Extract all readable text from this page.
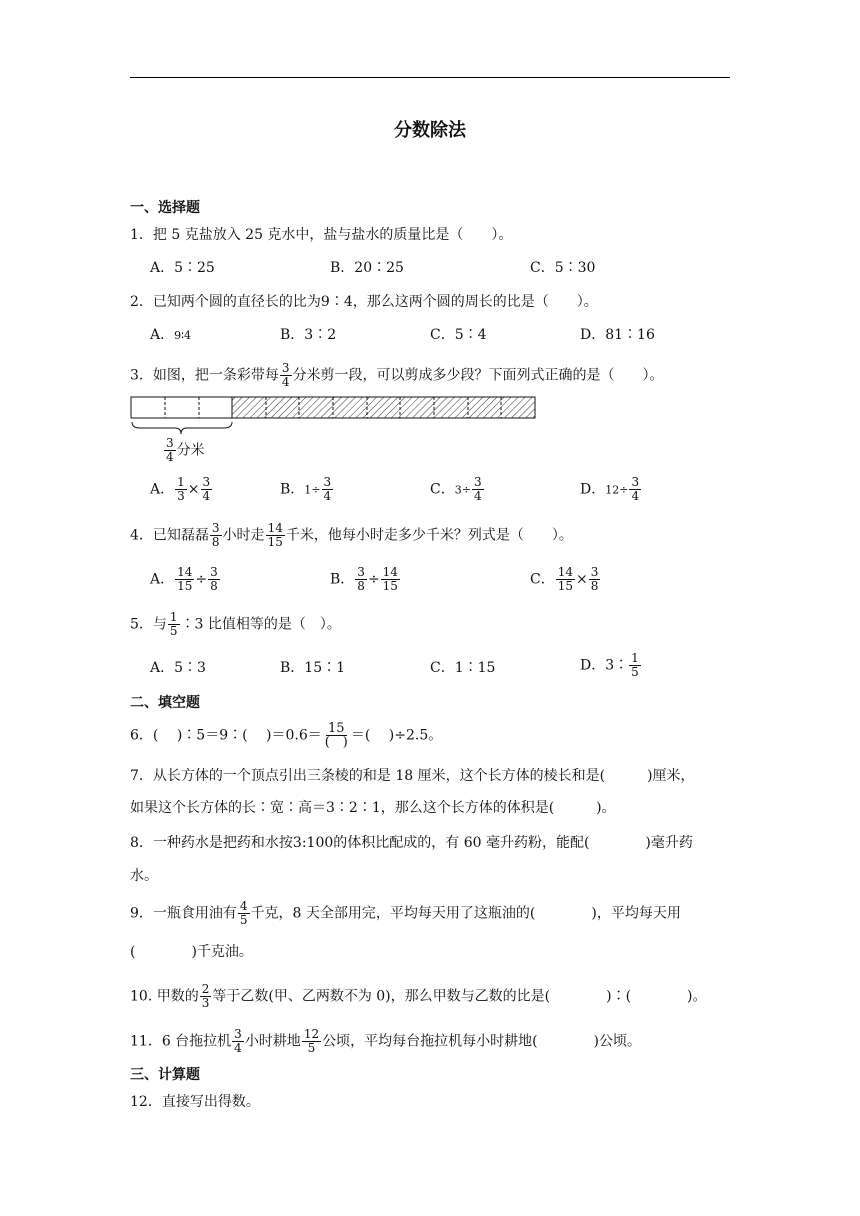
分数除法
一、选择题
1．把 5 克盐放入 25 克水中，盐与盐水的质量比是（　　）。
A．5∶25	B．20∶25	C．5∶30
2．已知两个圆的直径长的比为9∶4，那么这两个圆的周长的比是（　　）。
A．9∶4	B．3∶2	C．5∶4	D．81∶16
3．如图，把一条彩带每 $\frac{3}{4}$ 分米剪一段，可以剪成多少段？下面列式正确的是（　　）。
$\frac{3}{4}$ 分米
A． $\frac{1}{3} \times \frac{3}{4}$	B．$1\div \frac{3}{4}$	C．$3\div \frac{3}{4}$	D．$12\div \frac{3}{4}$
4．已知磊磊 $\frac{3}{8}$ 小时走 $\frac{14}{15}$ 千米，他每小时走多少千米？列式是（　　）。
A． $\frac{14}{15} \div \frac{3}{8}$	B． $\frac{3}{8} \div \frac{14}{15}$	C． $\frac{14}{15} \times \frac{3}{8}$
5．与 $\frac{1}{5}$ ∶3 比值相等的是（　）。
A．5∶3	B．15∶1	C．1∶15	D．3∶ $\frac{1}{5}$
二、填空题
6．(　 )∶5＝9∶(　 )$=0.6= \frac{15}{( )}$ ＝(　 )÷2.5。
7．从长方体的一个顶点引出三条棱的和是 18 厘米，这个长方体的棱长和是(　　　)厘米，
如果这个长方体的长∶宽∶高＝3∶2∶1，那么这个长方体的体积是(　　　)。
8．一种药水是把药和水按3:100的体积比配成的，有 60 毫升药粉，能配(　　　　)毫升药
水。
9．一瓶食用油有 $\frac{4}{5}$ 千克，8 天全部用完，平均每天用了这瓶油的(　　　　)，平均每天用
(　　　　)千克油。
10. 甲数的 $\frac{2}{3}$ 等于乙数(甲、乙两数不为 0)，那么甲数与乙数的比是(　　　　)∶(　　　　)。
11．6 台拖拉机 $\frac{3}{4}$ 小时耕地 $\frac{12}{5}$ 公顷，平均每台拖拉机每小时耕地(　　　　)公顷。
三、计算题
12．直接写出得数。
